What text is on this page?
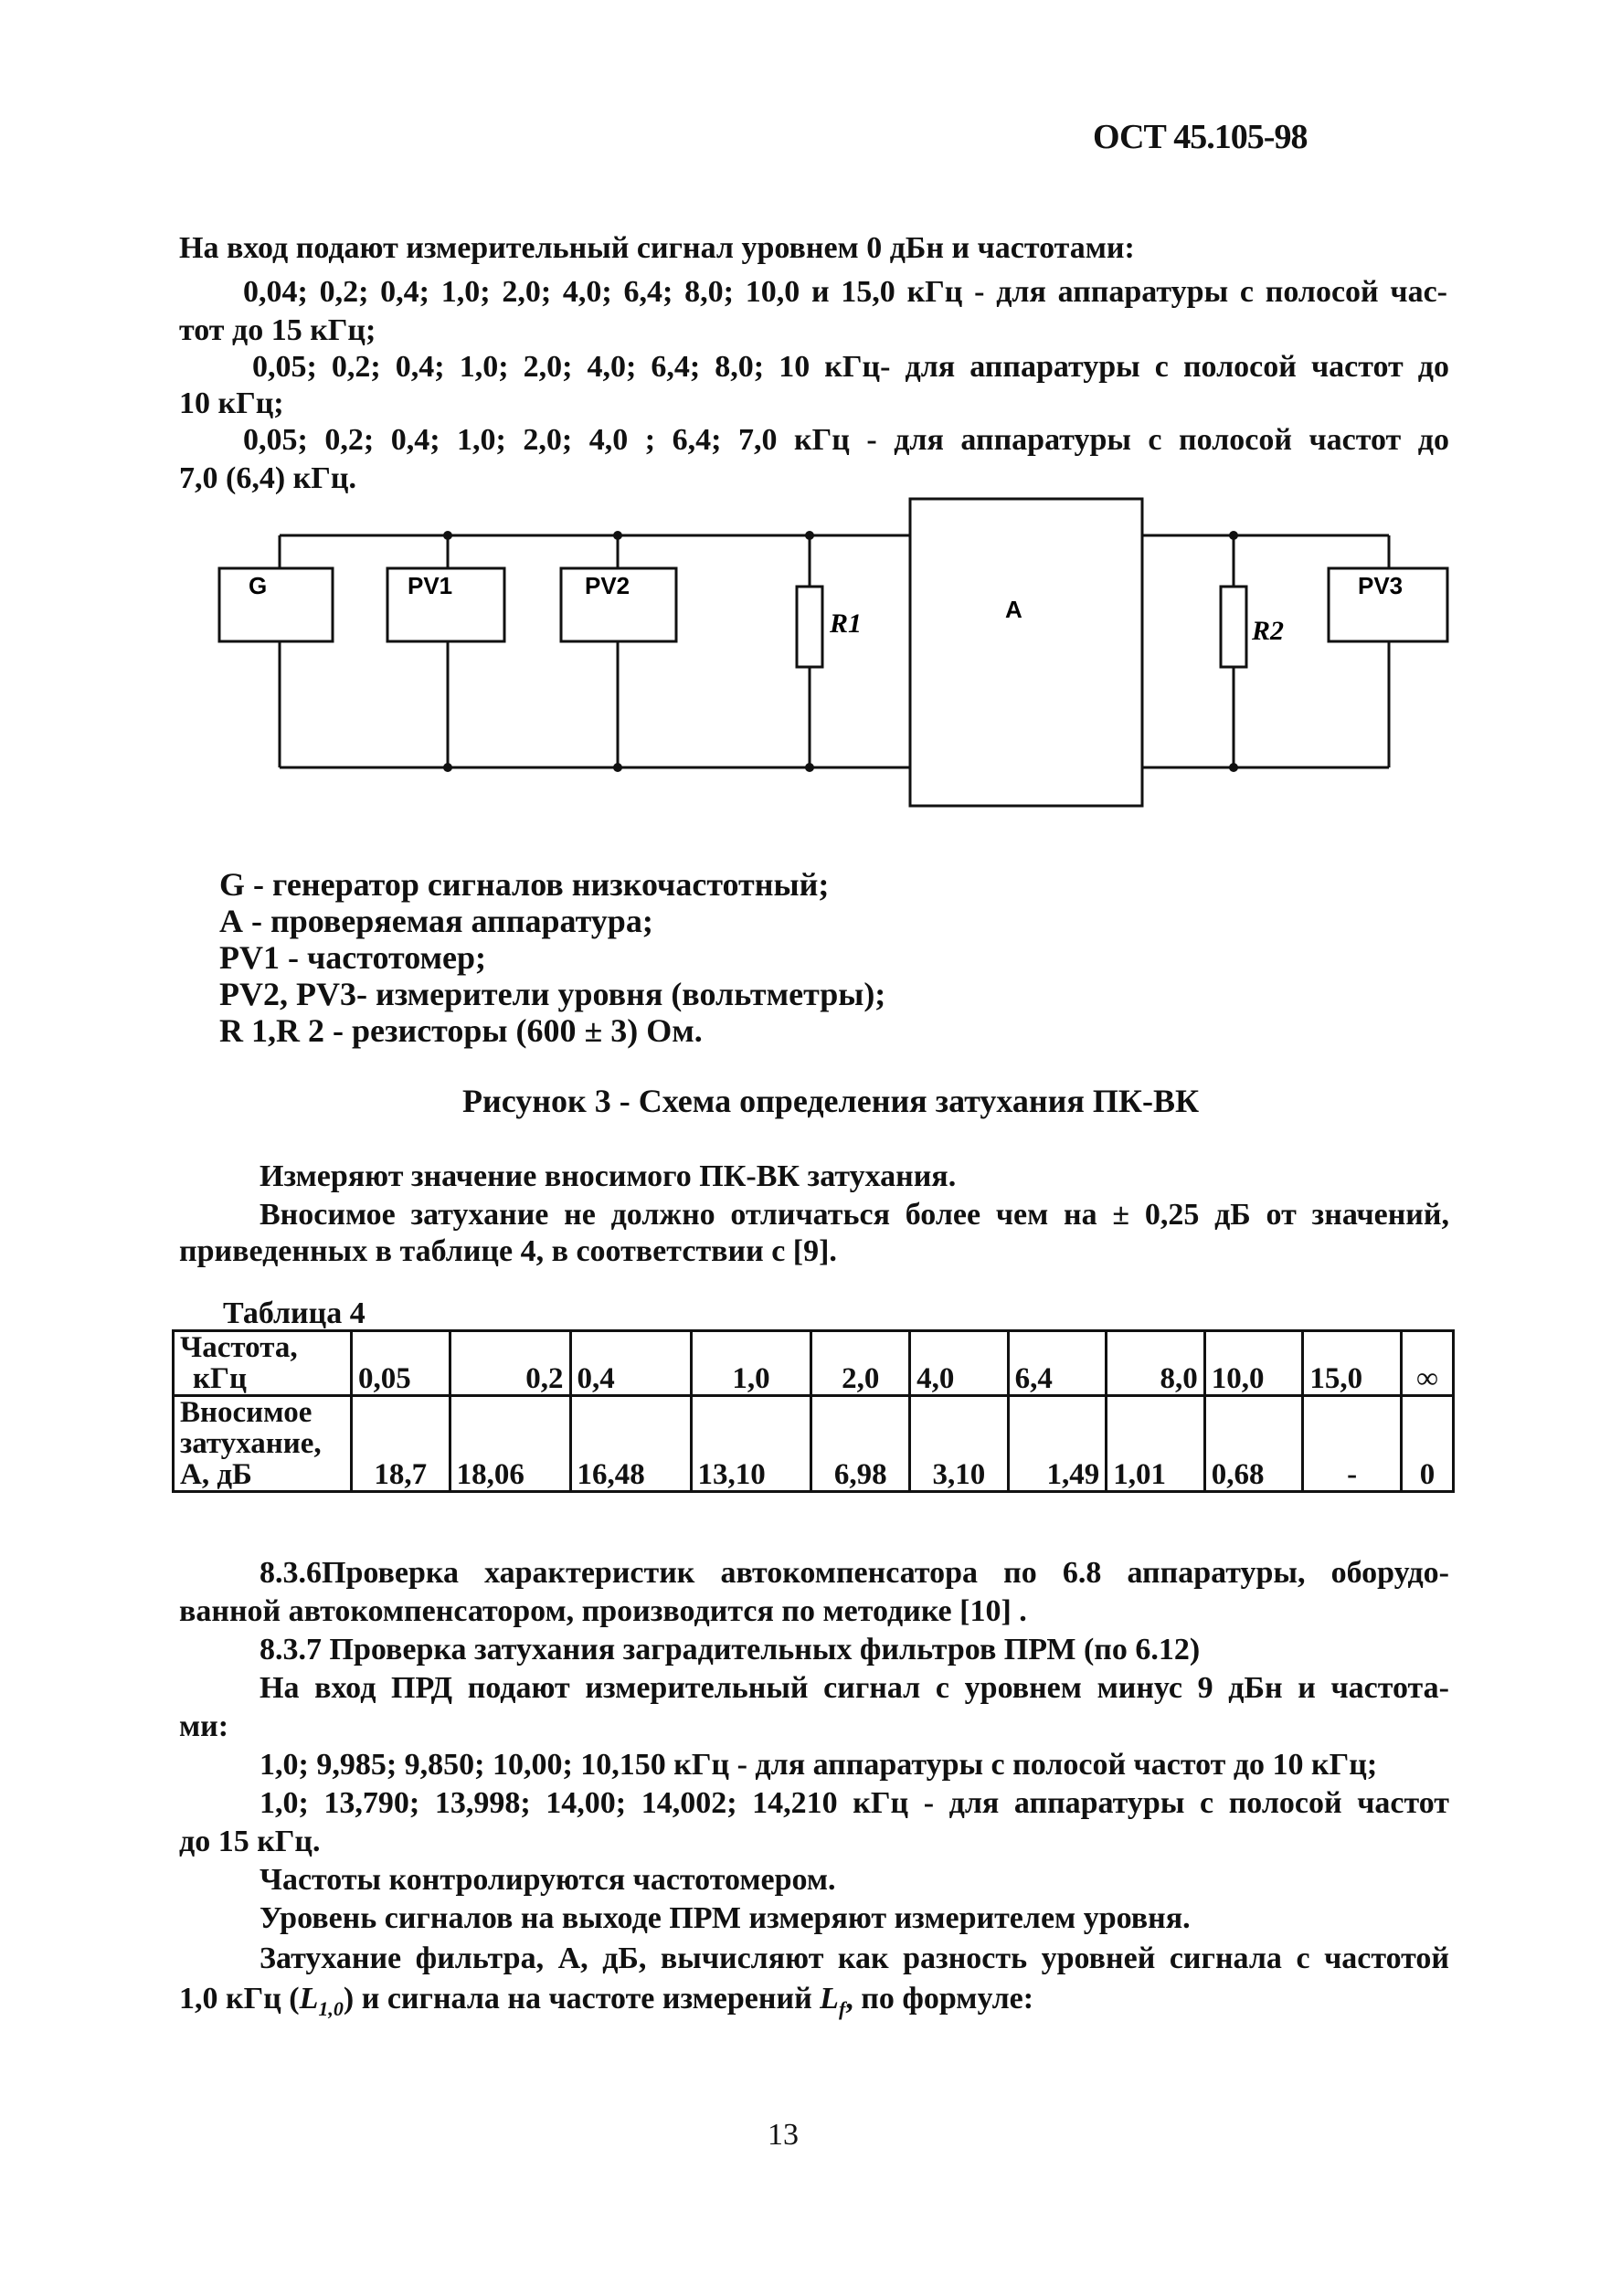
ОСТ 45.105-98
На вход подают измерительный сигнал уровнем 0 дБн и частотами:
0,04; 0,2; 0,4; 1,0; 2,0; 4,0; 6,4; 8,0; 10,0 и 15,0 кГц - для аппаратуры с полосой час-
тот до 15 кГц;
0,05; 0,2; 0,4; 1,0; 2,0; 4,0; 6,4; 8,0; 10 кГц- для аппаратуры с полосой частот до
10 кГц;
0,05; 0,2; 0,4; 1,0; 2,0; 4,0 ; 6,4; 7,0 кГц - для аппаратуры с полосой частот до
7,0 (6,4) кГц.
G	PV1	PV2
A
PV3
R1	R2
G - генератор сигналов низкочастотный;
А - проверяемая аппаратура;
PV1 - частотомер;
PV2, PV3- измерители уровня (вольтметры);
R 1,R 2 - резисторы (600 ± 3) Ом.
Рисунок 3 - Схема определения затухания ПК-ВК
Измеряют значение вносимого ПК-ВК затухания.
Вносимое затухание не должно отличаться более чем на ± 0,25 дБ от значений,
приведенных в таблице 4, в соответствии с [9].
Таблица 4
Частота,
кГц	0,05	0,2	0,4	1,0	2,0	4,0	6,4	8,0	10,0	15,0	∞

Вносимое
затухание,
А, дБ	18,7	18,06	16,48	13,10	6,98	3,10	1,49	1,01	0,68	-	0
8.3.6Проверка характеристик автокомпенсатора по 6.8 аппаратуры, оборудо-
ванной автокомпенсатором, производится по методике [10] .
8.3.7 Проверка затухания заградительных фильтров ПРМ (по 6.12)
На вход ПРД подают измерительный сигнал с уровнем минус 9 дБн и частота-
ми:
1,0; 9,985; 9,850; 10,00; 10,150 кГц - для аппаратуры с полосой частот до 10 кГц;
1,0; 13,790; 13,998; 14,00; 14,002; 14,210 кГц - для аппаратуры с полосой частот
до 15 кГц.
Частоты контролируются частотомером.
Уровень сигналов на выходе ПРМ измеряют измерителем уровня.
Затухание фильтра, А, дБ, вычисляют как разность уровней сигнала с частотой
1,0 кГц $(L_{1,0})$ и сигнала на частоте измерений $L_f$, по формуле:
13
